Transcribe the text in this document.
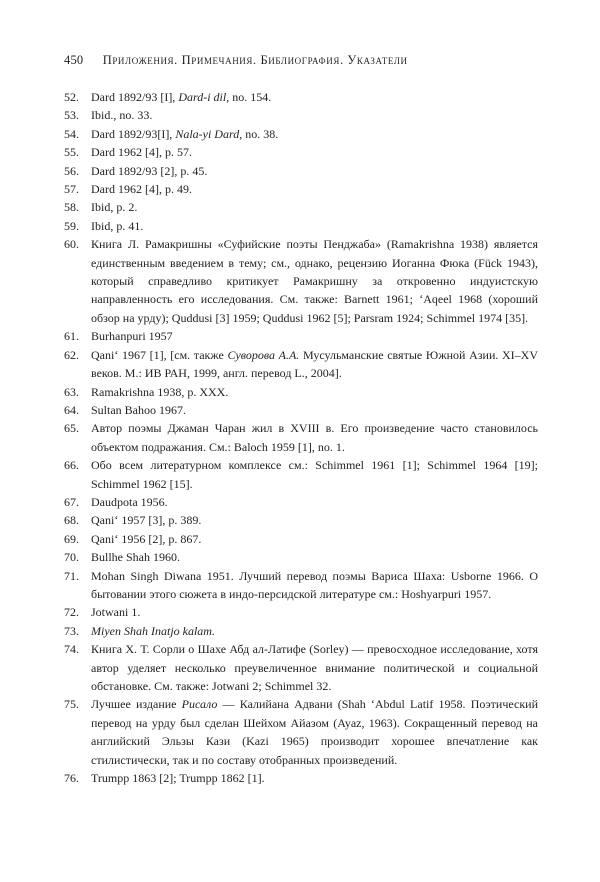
450 Приложения. Примечания. Библиография. Указатели
52. Dard 1892/93 [I], Dard-i dil, no. 154.
53. Ibid., no. 33.
54. Dard 1892/93[I], Nala-yi Dard, no. 38.
55. Dard 1962 [4], p. 57.
56. Dard 1892/93 [2], p. 45.
57. Dard 1962 [4], p. 49.
58. Ibid, p. 2.
59. Ibid, p. 41.
60. Книга Л. Рамакришны «Суфийские поэты Пенджаба» (Ramakrishna 1938) является единственным введением в тему; см., однако, рецензию Иоганна Фюка (Fück 1943), который справедливо критикует Рамакришну за откровенно индуистскую направленность его исследования. См. также: Barnett 1961; ‘Aqeel 1968 (хороший обзор на урду); Quddusi [3] 1959; Quddusi 1962 [5]; Parsram 1924; Schimmel 1974 [35].
61. Burhanpuri 1957
62. Qani‘ 1967 [1], [см. также Суворова А.А. Мусульманские святые Южной Азии. XI–XV веков. М.: ИВ РАН, 1999, англ. перевод L., 2004].
63. Ramakrishna 1938, p. XXX.
64. Sultan Bahoo 1967.
65. Автор поэмы Джаман Чаран жил в XVIII в. Его произведение часто становилось объектом подражания. См.: Baloch 1959 [1], no. 1.
66. Обо всем литературном комплексе см.: Schimmel 1961 [1]; Schimmel 1964 [19]; Schimmel 1962 [15].
67. Daudpota 1956.
68. Qani‘ 1957 [3], p. 389.
69. Qani‘ 1956 [2], p. 867.
70. Bullhe Shah 1960.
71. Mohan Singh Diwana 1951. Лучший перевод поэмы Вариса Шаха: Usborne 1966. О бытовании этого сюжета в индо-персидской литературе см.: Hoshyarpuri 1957.
72. Jotwani 1.
73. Miyen Shah Inatjo kalam.
74. Книга Х. Т. Сорли о Шахе Абд ал-Латифе (Sorley) — превосходное исследование, хотя автор уделяет несколько преувеличенное внимание политической и социальной обстановке. См. также: Jotwani 2; Schimmel 32.
75. Лучшее издание Рисало — Калийана Адвани (Shah ‘Abdul Latif 1958. Поэтический перевод на урду был сделан Шейхом Айазом (Ayaz, 1963). Сокращенный перевод на английский Эльзы Кази (Kazi 1965) производит хорошее впечатление как стилистически, так и по составу отобранных произведений.
76. Trumpp 1863 [2]; Trumpp 1862 [1].
